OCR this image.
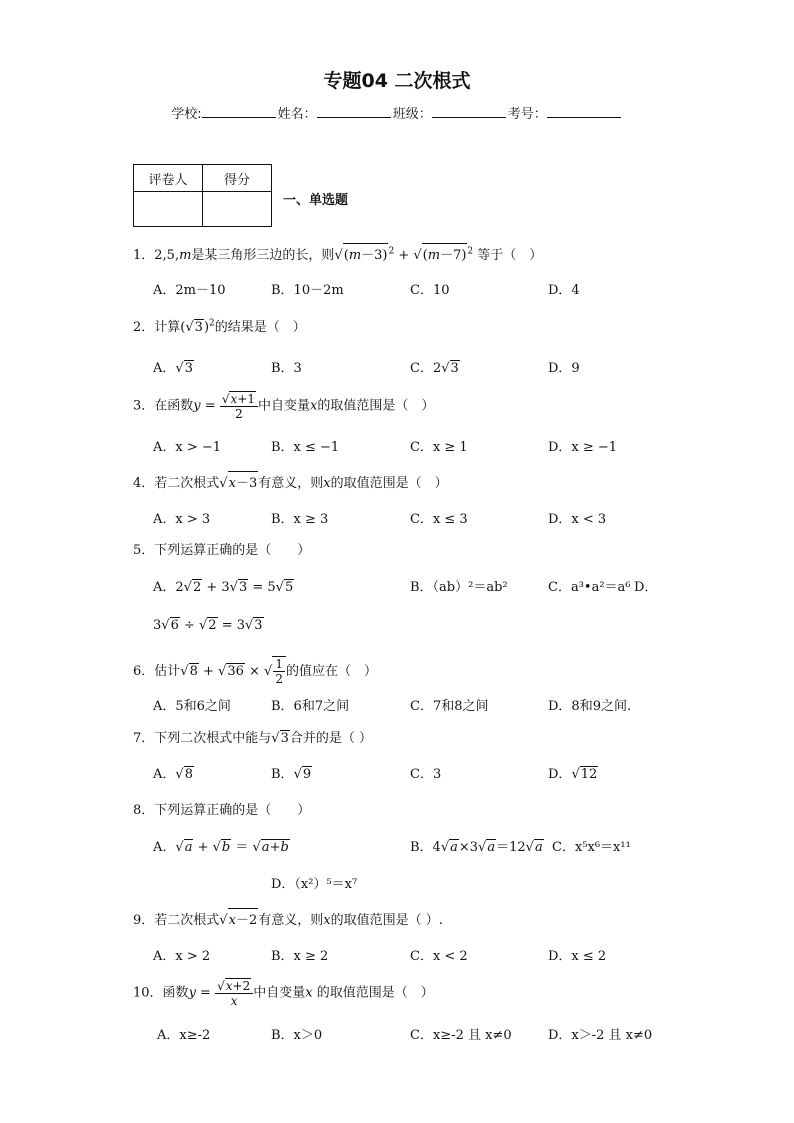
专题04 二次根式
学校:	姓名：	班级：	考号：
评卷人	得分

一、单选题
1．2,5,m是某三角形三边的长，则$√(m-3)^2 + √(m-7)^2$ 等于（　）
A．2m－10	B．10－2m	C．10	D．4
2．计算$(√3)^2$的结果是（　）
A．√3	B．3	C．2√3	D．9
3．在函数$y = \frac{√x+1}{2}$ 中自变量x的取值范围是（　）
A．x > −1	B．x ≤ −1	C．x ≥ 1	D．x ≥ −1
4．若二次根式√x－3有意义，则x的取值范围是（　）
A．x > 3	B．x ≥ 3	C．x ≤ 3	D．x < 3
5．下列运算正确的是（　　）
A．2√2 + 3√3 = 5√5	B．（ab）²＝ab²	C．a³•a²＝a⁶ D．
3√6 ÷ √2 = 3√3
6．估计√8 + √36 × √ $\frac{1}{2}$ 的值应在（　）
A．5和6之间	B．6和7之间	C．7和8之间	D．8和9之间.
7．下列二次根式中能与√3合并的是（ ）
A．√8	B．√9	C．3	D．√12
8．下列运算正确的是（　　）
A．√a + √b ＝ √a+b	B．4√a×3√a＝12√a C．x⁵x⁶＝x¹¹
D．（x²）⁵＝x⁷
9．若二次根式√x－2有意义，则x的取值范围是（ ）.
A．x > 2	B．x ≥ 2	C．x < 2	D．x ≤ 2
10．函数$y = \frac{√x+2}{x}$ 中自变量x 的取值范围是（　）
A．x≥-2	B．x＞0	C．x≥-2 且 x≠0	D．x＞-2 且 x≠0
